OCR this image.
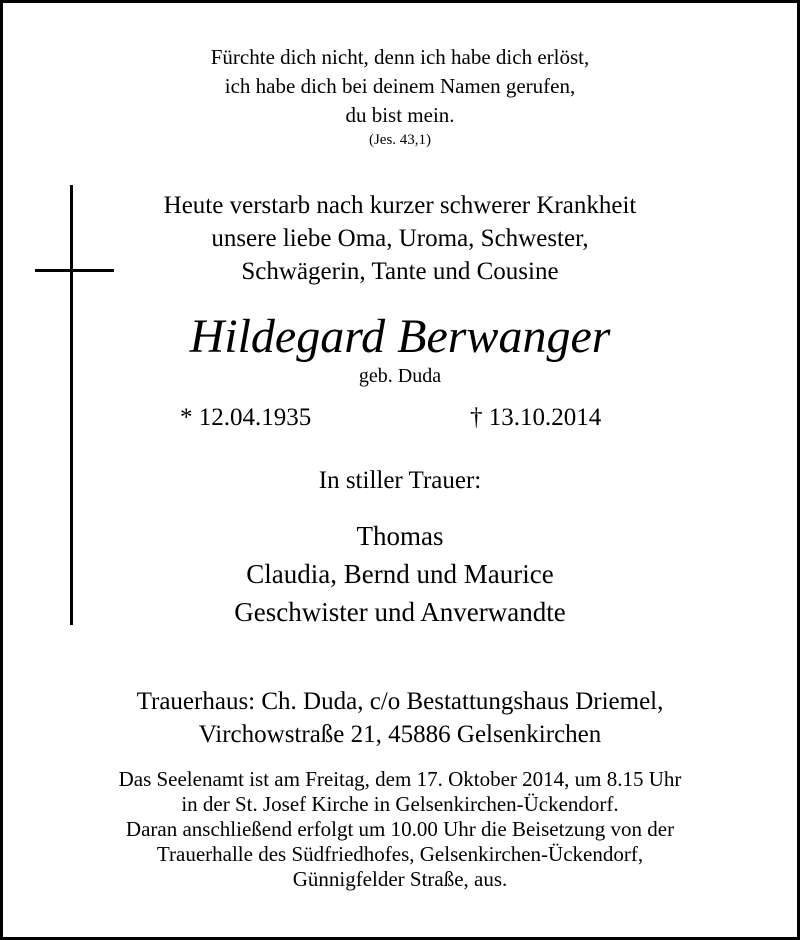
Fürchte dich nicht, denn ich habe dich erlöst,
ich habe dich bei deinem Namen gerufen,
du bist mein.
(Jes. 43,1)
Heute verstarb nach kurzer schwerer Krankheit
unsere liebe Oma, Uroma, Schwester,
Schwägerin, Tante und Cousine
Hildegard Berwanger
geb. Duda
* 12.04.1935	† 13.10.2014
In stiller Trauer:
Thomas
Claudia, Bernd und Maurice
Geschwister und Anverwandte
Trauerhaus: Ch. Duda, c/o Bestattungshaus Driemel,
Virchowstraße 21, 45886 Gelsenkirchen
Das Seelenamt ist am Freitag, dem 17. Oktober 2014, um 8.15 Uhr
in der St. Josef Kirche in Gelsenkirchen-Ückendorf.
Daran anschließend erfolgt um 10.00 Uhr die Beisetzung von der
Trauerhalle des Südfriedhofes, Gelsenkirchen-Ückendorf,
Günnigfelder Straße, aus.
